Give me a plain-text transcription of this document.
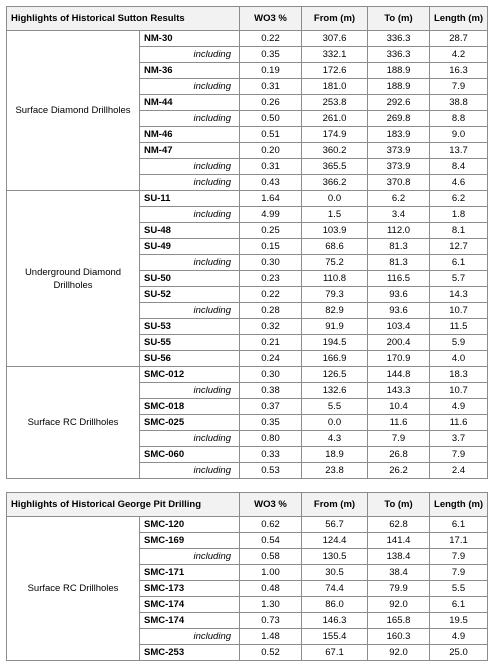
Highlights of Historical Sutton Results		WO3 %	From (m)	To (m)	Length (m)
Surface Diamond Drillholes	NM-30	0.22	307.6	336.3	28.7
	including	0.35	332.1	336.3	4.2
	NM-36	0.19	172.6	188.9	16.3
	including	0.31	181.0	188.9	7.9
	NM-44	0.26	253.8	292.6	38.8
	including	0.50	261.0	269.8	8.8
	NM-46	0.51	174.9	183.9	9.0
	NM-47	0.20	360.2	373.9	13.7
	including	0.31	365.5	373.9	8.4
	including	0.43	366.2	370.8	4.6
Underground Diamond Drillholes	SU-11	1.64	0.0	6.2	6.2
	including	4.99	1.5	3.4	1.8
	SU-48	0.25	103.9	112.0	8.1
	SU-49	0.15	68.6	81.3	12.7
	including	0.30	75.2	81.3	6.1
	SU-50	0.23	110.8	116.5	5.7
	SU-52	0.22	79.3	93.6	14.3
	including	0.28	82.9	93.6	10.7
	SU-53	0.32	91.9	103.4	11.5
	SU-55	0.21	194.5	200.4	5.9
	SU-56	0.24	166.9	170.9	4.0
Surface RC Drillholes	SMC-012	0.30	126.5	144.8	18.3
	including	0.38	132.6	143.3	10.7
	SMC-018	0.37	5.5	10.4	4.9
	SMC-025	0.35	0.0	11.6	11.6
	including	0.80	4.3	7.9	3.7
	SMC-060	0.33	18.9	26.8	7.9
	including	0.53	23.8	26.2	2.4
Highlights of Historical George Pit Drilling		WO3 %	From (m)	To (m)	Length (m)
Surface RC Drillholes	SMC-120	0.62	56.7	62.8	6.1
	SMC-169	0.54	124.4	141.4	17.1
	including	0.58	130.5	138.4	7.9
	SMC-171	1.00	30.5	38.4	7.9
	SMC-173	0.48	74.4	79.9	5.5
	SMC-174	1.30	86.0	92.0	6.1
	SMC-174	0.73	146.3	165.8	19.5
	including	1.48	155.4	160.3	4.9
	SMC-253	0.52	67.1	92.0	25.0
